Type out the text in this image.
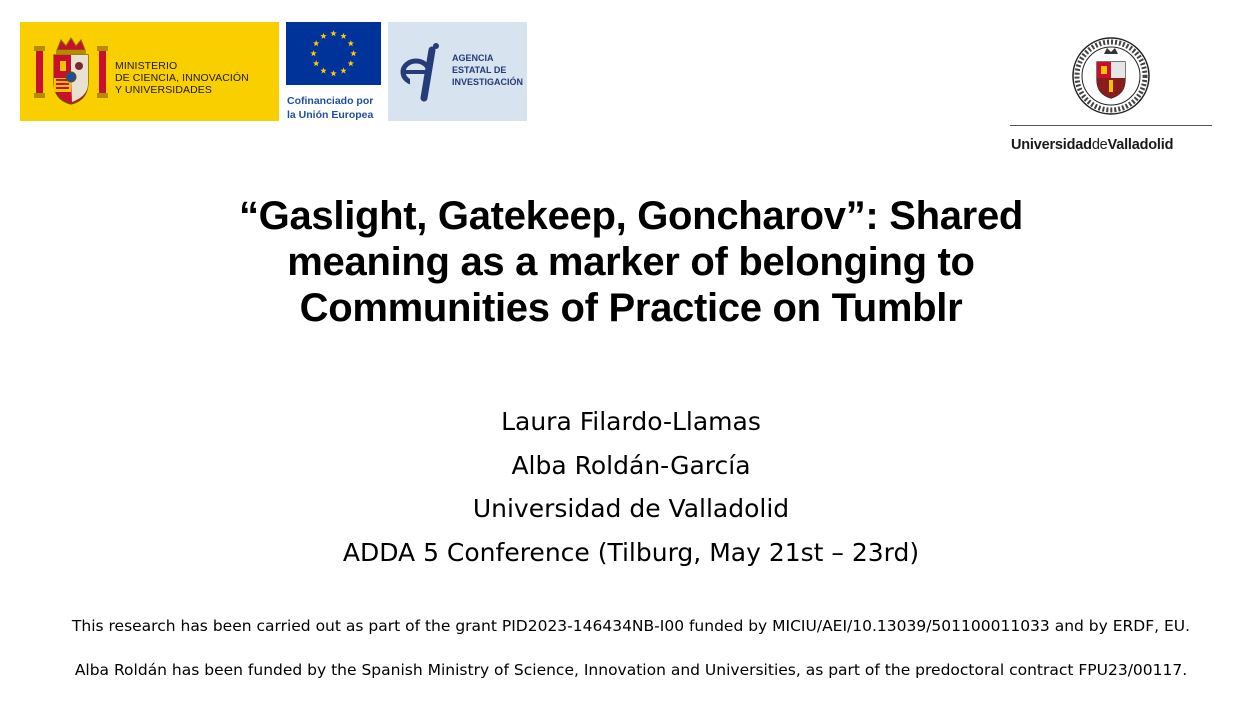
MINISTERIO
DE CIENCIA, INNOVACIÓN
Y UNIVERSIDADES
Cofinanciado por
la Unión Europea
AGENCIA
ESTATAL DE
INVESTIGACIÓN
UniversidaddeValladolid
“Gaslight, Gatekeep, Goncharov”: Shared
meaning as a marker of belonging to
Communities of Practice on Tumblr
Laura Filardo-Llamas
Alba Roldán-García
Universidad de Valladolid
ADDA 5 Conference (Tilburg, May 21st – 23rd)
This research has been carried out as part of the grant PID2023-146434NB-I00 funded by MICIU/AEI/10.13039/501100011033 and by ERDF, EU.
Alba Roldán has been funded by the Spanish Ministry of Science, Innovation and Universities, as part of the predoctoral contract FPU23/00117.
